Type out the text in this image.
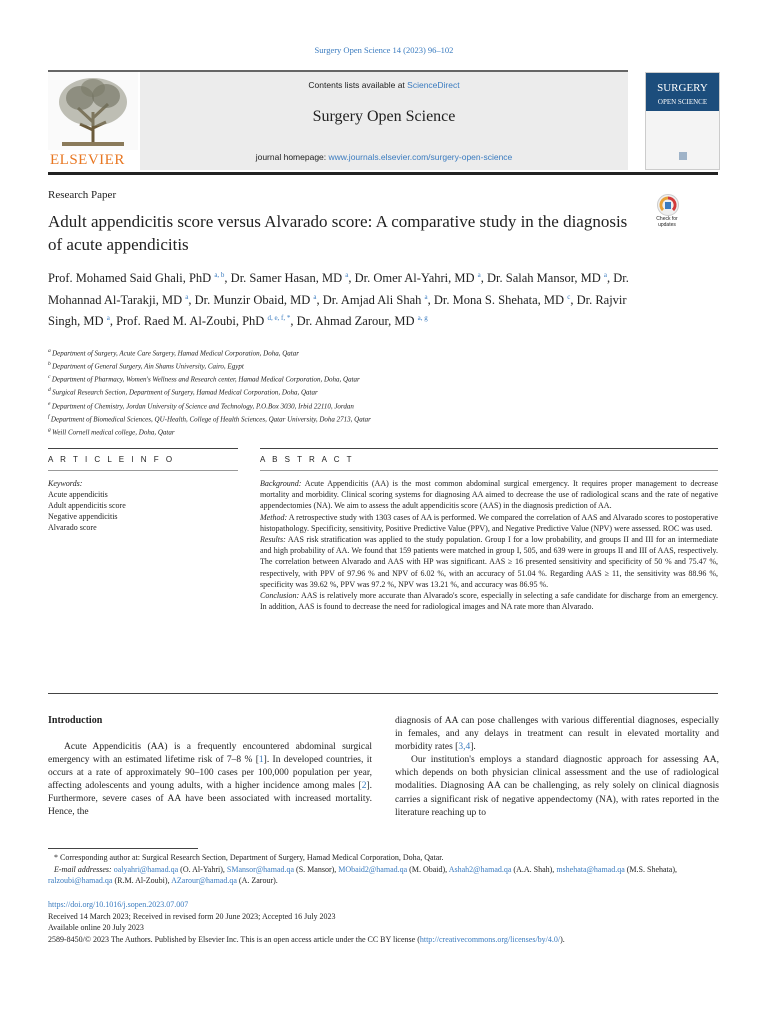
Surgery Open Science 14 (2023) 96–102
ELSEVIER
Contents lists available at ScienceDirect
Surgery Open Science
journal homepage: www.journals.elsevier.com/surgery-open-science
SURGERY
OPEN SCIENCE
Research Paper
Adult appendicitis score versus Alvarado score: A comparative study in the diagnosis of acute appendicitis
Check for
updates
Prof. Mohamed Said Ghali, PhD $^{a, b}$, Dr. Samer Hasan, MD $^a$, Dr. Omer Al-Yahri, MD $^a$, Dr. Salah Mansor, MD $^a$, Dr. Mohannad Al-Tarakji, MD $^a$, Dr. Munzir Obaid, MD $^a$, Dr. Amjad Ali Shah $^a$, Dr. Mona S. Shehata, MD $^c$, Dr. Rajvir Singh, MD $^a$, Prof. Raed M. Al-Zoubi, PhD $^{d, e, f, *}$, Dr. Ahmad Zarour, MD $^{a, g}$
$^a$ Department of Surgery, Acute Care Surgery, Hamad Medical Corporation, Doha, Qatar
$^b$ Department of General Surgery, Ain Shams University, Cairo, Egypt
$^c$ Department of Pharmacy, Women's Wellness and Research center, Hamad Medical Corporation, Doha, Qatar
$^d$ Surgical Research Section, Department of Surgery, Hamad Medical Corporation, Doha, Qatar
$^e$ Department of Chemistry, Jordan University of Science and Technology, P.O.Box 3030, Irbid 22110, Jordan
$^f$ Department of Biomedical Sciences, QU-Health, College of Health Sciences, Qatar University, Doha 2713, Qatar
$^g$ Weill Cornell medical college, Doha, Qatar
A R T I C L E I N F O	A B S T R A C T
Keywords:
Acute appendicitis
Adult appendicitis score
Negative appendicitis
Alvarado score

Background: Acute Appendicitis (AA) is the most common abdominal surgical emergency. It requires proper management to decrease mortality and morbidity. Clinical scoring systems for diagnosing AA aimed to decrease the use of radiological scans and the rate of negative appendectomies (NA). We aim to assess the adult appendicitis score (AAS) in the diagnosis prediction of AA.

Method: A retrospective study with 1303 cases of AA is performed. We compared the correlation of AAS and Alvarado scores to postoperative histopathology. Specificity, sensitivity, Positive Predictive Value (PPV), and Negative Predictive Value (NPV) were assessed. ROC was used.

Results: AAS risk stratification was applied to the study population. Group I for a low probability, and groups II and III for an intermediate and high probability of AA. We found that 159 patients were matched in group I, 505, and 639 were in groups II and III of AAS, respectively. The correlation between Alvarado and AAS with HP was significant. AAS ≥ 16 presented sensitivity and specificity of 50 % and 75.47 %, respectively, with PPV of 97.96 % and NPV of 6.02 %, with an accuracy of 51.04 %. Regarding AAS ≥ 11, the sensitivity was 88.96 %, specificity was 39.62 %, PPV was 97.2 %, NPV was 13.21 %, and accuracy was 86.95 %.

Conclusion: AAS is relatively more accurate than Alvarado's score, especially in selecting a safe candidate for discharge from an emergency. In addition, AAS is found to decrease the need for radiological images and NA rate more than Alvarado.

Introduction

Acute Appendicitis (AA) is a frequently encountered abdominal surgical emergency with an estimated lifetime risk of 7–8 % [1]. In developed countries, it occurs at a rate of approximately 90–100 cases per 100,000 population per year, affecting adolescents and young adults, with a higher incidence among males [2]. Furthermore, severe cases of AA have been associated with increased mortality. Hence, the

diagnosis of AA can pose challenges with various differential diagnoses, especially in females, and any delays in treatment can result in elevated mortality and morbidity rates [3,4].

Our institution's employs a standard diagnostic approach for assessing AA, which depends on both physician clinical assessment and the use of radiological modalities. Diagnosing AA can be challenging, as rely solely on clinical diagnosis carries a significant risk of negative appendectomy (NA), with rates reported in the literature reaching up to

* Corresponding author at: Surgical Research Section, Department of Surgery, Hamad Medical Corporation, Doha, Qatar.
E-mail addresses: oalyahri@hamad.qa (O. Al-Yahri), SMansor@hamad.qa (S. Mansor), MObaid2@hamad.qa (M. Obaid), Ashah2@hamad.qa (A.A. Shah), mshehata@hamad.qa (M.S. Shehata), ralzoubi@hamad.qa (R.M. Al-Zoubi), AZarour@hamad.qa (A. Zarour).
https://doi.org/10.1016/j.sopen.2023.07.007
Received 14 March 2023; Received in revised form 20 June 2023; Accepted 16 July 2023
Available online 20 July 2023
2589-8450/© 2023 The Authors. Published by Elsevier Inc. This is an open access article under the CC BY license (http://creativecommons.org/licenses/by/4.0/).
